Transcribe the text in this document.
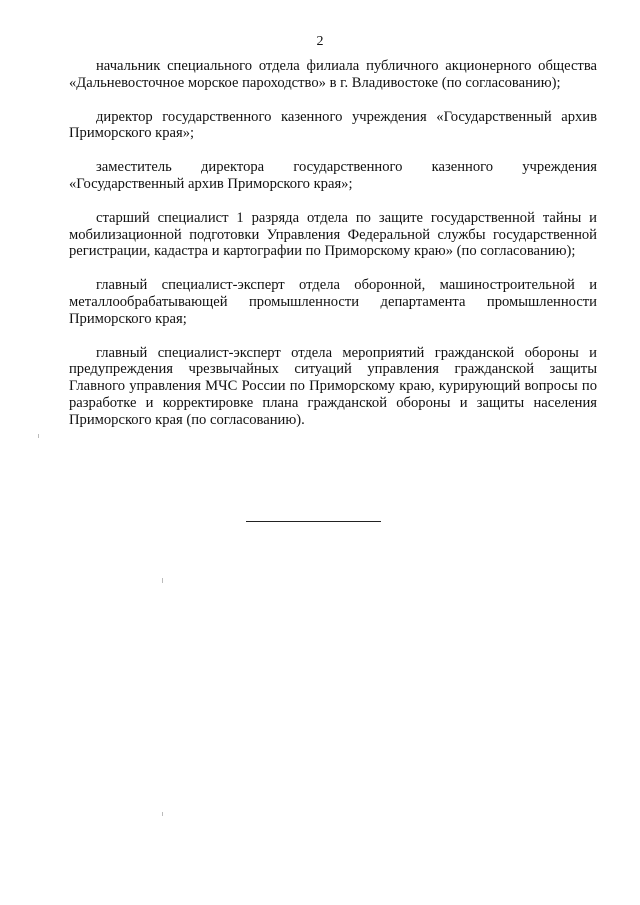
2

начальник специального отдела филиала публичного акционерного общества «Дальневосточное морское пароходство» в г. Владивостоке (по согласованию);

директор государственного казенного учреждения «Государственный архив Приморского края»;

заместитель директора государственного казенного учреждения «Государственный архив Приморского края»;

старший специалист 1 разряда отдела по защите государственной тайны и мобилизационной подготовки Управления Федеральной службы государственной регистрации, кадастра и картографии по Приморскому краю» (по согласованию);

главный специалист-эксперт отдела оборонной, машиностроительной и металлообрабатывающей промышленности департамента промышленности Приморского края;

главный специалист-эксперт отдела мероприятий гражданской обороны и предупреждения чрезвычайных ситуаций управления гражданской защиты Главного управления МЧС России по Приморскому краю, курирующий вопросы по разработке и корректировке плана гражданской обороны и защиты населения Приморского края (по согласованию).
